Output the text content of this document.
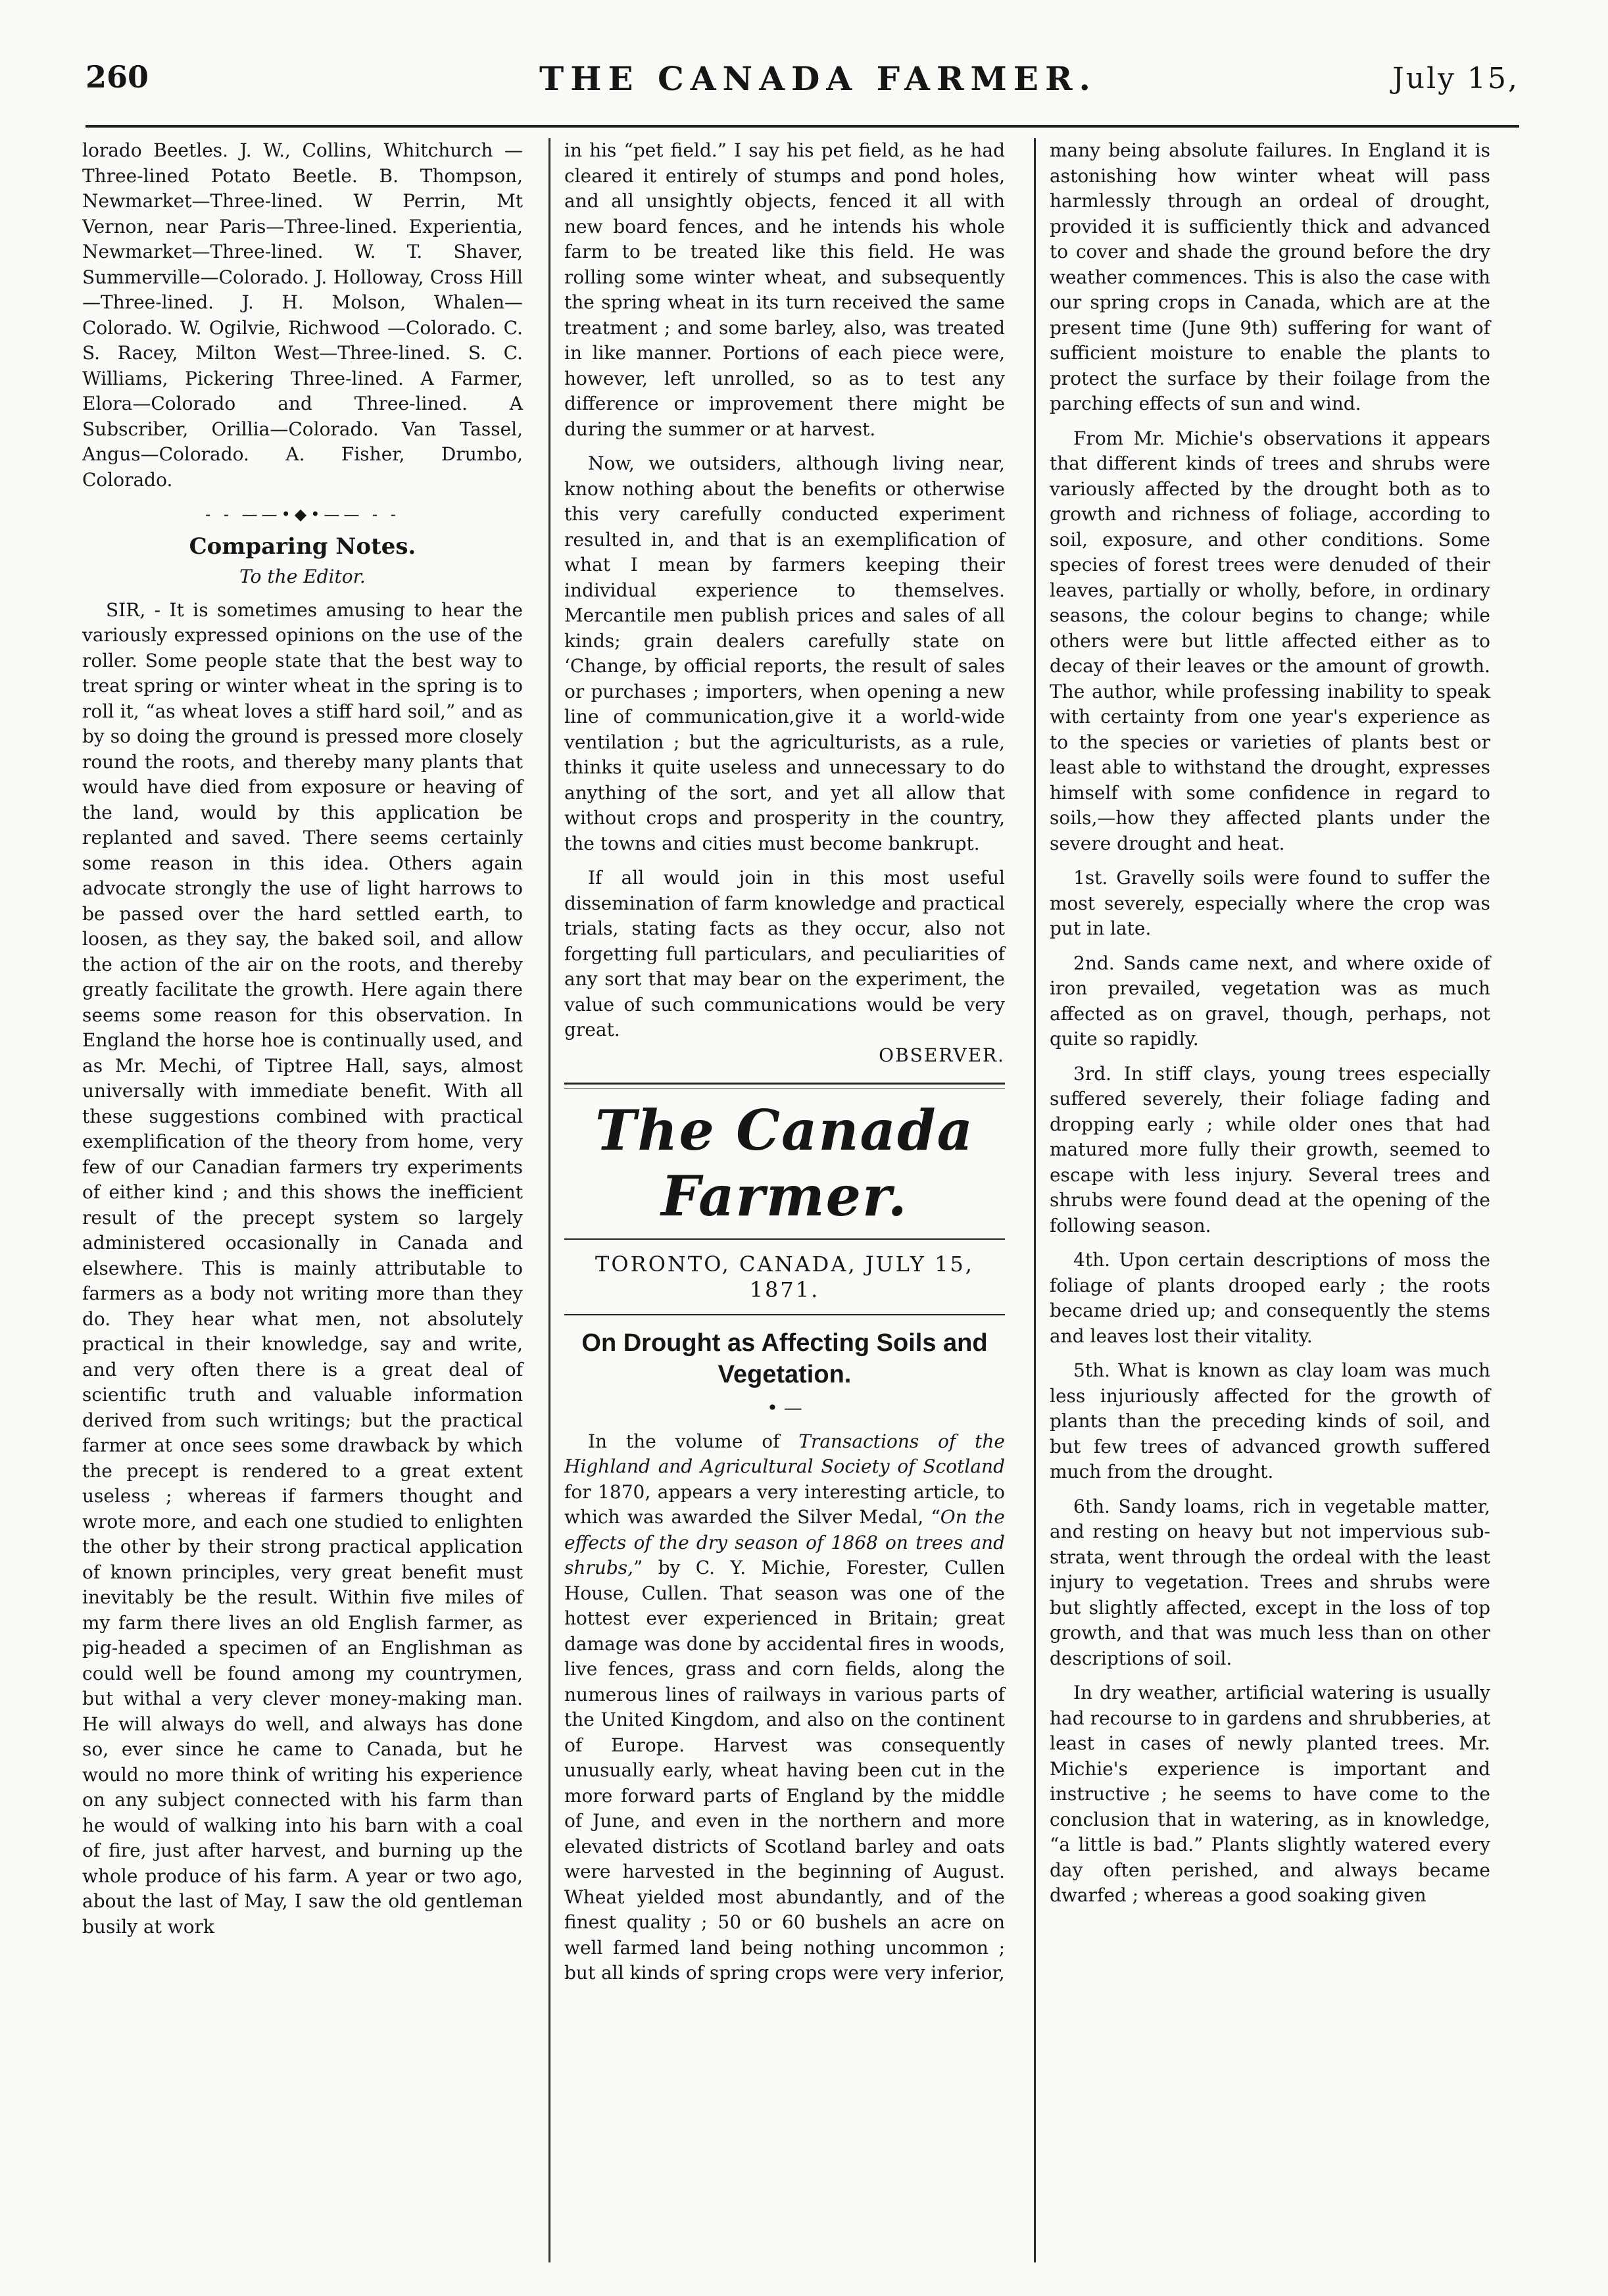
260	THE CANADA FARMER.	July 15,

lorado Beetles. J. W., Collins, Whitchurch —Three-lined Potato Beetle. B. Thompson, Newmarket—Three-lined. W Perrin, Mt Vernon, near Paris—Three-lined. Experientia, Newmarket—Three-lined. W. T. Shaver, Summerville—Colorado. J. Holloway, Cross Hill—Three-lined. J. H. Molson, Whalen—Colorado. W. Ogilvie, Richwood —Colorado. C. S. Racey, Milton West—Three-lined. S. C. Williams, Pickering Three-lined. A Farmer, Elora—Colorado and Three-lined. A Subscriber, Orillia—Colorado. Van Tassel, Angus—Colorado. A. Fisher, Drumbo, Colorado.

- - ——•◆•—— - -
Comparing Notes.
To the Editor.

SIR, - It is sometimes amusing to hear the variously expressed opinions on the use of the roller. Some people state that the best way to treat spring or winter wheat in the spring is to roll it, “as wheat loves a stiff hard soil,” and as by so doing the ground is pressed more closely round the roots, and thereby many plants that would have died from exposure or heaving of the land, would by this application be replanted and saved. There seems certainly some reason in this idea. Others again advocate strongly the use of light harrows to be passed over the hard settled earth, to loosen, as they say, the baked soil, and allow the action of the air on the roots, and thereby greatly facilitate the growth. Here again there seems some reason for this observation. In England the horse hoe is continually used, and as Mr. Mechi, of Tiptree Hall, says, almost universally with immediate benefit. With all these suggestions combined with practical exemplification of the theory from home, very few of our Canadian farmers try experiments of either kind ; and this shows the inefficient result of the precept system so largely administered occasionally in Canada and elsewhere. This is mainly attributable to farmers as a body not writing more than they do. They hear what men, not absolutely practical in their knowledge, say and write, and very often there is a great deal of scientific truth and valuable information derived from such writings; but the practical farmer at once sees some drawback by which the precept is rendered to a great extent useless ; whereas if farmers thought and wrote more, and each one studied to enlighten the other by their strong practical application of known principles, very great benefit must inevitably be the result. Within five miles of my farm there lives an old English farmer, as pig-headed a specimen of an Englishman as could well be found among my countrymen, but withal a very clever money-making man. He will always do well, and always has done so, ever since he came to Canada, but he would no more think of writing his experience on any subject connected with his farm than he would of walking into his barn with a coal of fire, just after harvest, and burning up the whole produce of his farm. A year or two ago, about the last of May, I saw the old gentleman busily at work

in his “pet field.” I say his pet field, as he had cleared it entirely of stumps and pond holes, and all unsightly objects, fenced it all with new board fences, and he intends his whole farm to be treated like this field. He was rolling some winter wheat, and subsequently the spring wheat in its turn received the same treatment ; and some barley, also, was treated in like manner. Portions of each piece were, however, left unrolled, so as to test any difference or improvement there might be during the summer or at harvest.

Now, we outsiders, although living near, know nothing about the benefits or otherwise this very carefully conducted experiment resulted in, and that is an exemplification of what I mean by farmers keeping their individual experience to themselves. Mercantile men publish prices and sales of all kinds; grain dealers carefully state on ‘Change, by official reports, the result of sales or purchases ; importers, when opening a new line of communication,give it a world-wide ventilation ; but the agriculturists, as a rule, thinks it quite useless and unnecessary to do anything of the sort, and yet all allow that without crops and prosperity in the country, the towns and cities must become bankrupt.

If all would join in this most useful dissemination of farm knowledge and practical trials, stating facts as they occur, also not forgetting full particulars, and peculiarities of any sort that may bear on the experiment, the value of such communications would be very great.

OBSERVER.
The Canada Farmer.
TORONTO, CANADA, JULY 15, 1871.
On Drought as Affecting Soils and Vegetation.
• —

In the volume of Transactions of the Highland and Agricultural Society of Scotland for 1870, appears a very interesting article, to which was awarded the Silver Medal, “On the effects of the dry season of 1868 on trees and shrubs,” by C. Y. Michie, Forester, Cullen House, Cullen. That season was one of the hottest ever experienced in Britain; great damage was done by accidental fires in woods, live fences, grass and corn fields, along the numerous lines of railways in various parts of the United Kingdom, and also on the continent of Europe. Harvest was consequently unusually early, wheat having been cut in the more forward parts of England by the middle of June, and even in the northern and more elevated districts of Scotland barley and oats were harvested in the beginning of August. Wheat yielded most abundantly, and of the finest quality ; 50 or 60 bushels an acre on well farmed land being nothing uncommon ; but all kinds of spring crops were very inferior,

many being absolute failures. In England it is astonishing how winter wheat will pass harmlessly through an ordeal of drought, provided it is sufficiently thick and advanced to cover and shade the ground before the dry weather commences. This is also the case with our spring crops in Canada, which are at the present time (June 9th) suffering for want of sufficient moisture to enable the plants to protect the surface by their foilage from the parching effects of sun and wind.

From Mr. Michie's observations it appears that different kinds of trees and shrubs were variously affected by the drought both as to growth and richness of foliage, according to soil, exposure, and other conditions. Some species of forest trees were denuded of their leaves, partially or wholly, before, in ordinary seasons, the colour begins to change; while others were but little affected either as to decay of their leaves or the amount of growth. The author, while professing inability to speak with certainty from one year's experience as to the species or varieties of plants best or least able to withstand the drought, expresses himself with some confidence in regard to soils,—how they affected plants under the severe drought and heat.

1st. Gravelly soils were found to suffer the most severely, especially where the crop was put in late.

2nd. Sands came next, and where oxide of iron prevailed, vegetation was as much affected as on gravel, though, perhaps, not quite so rapidly.

3rd. In stiff clays, young trees especially suffered severely, their foliage fading and dropping early ; while older ones that had matured more fully their growth, seemed to escape with less injury. Several trees and shrubs were found dead at the opening of the following season.

4th. Upon certain descriptions of moss the foliage of plants drooped early ; the roots became dried up; and consequently the stems and leaves lost their vitality.

5th. What is known as clay loam was much less injuriously affected for the growth of plants than the preceding kinds of soil, and but few trees of advanced growth suffered much from the drought.

6th. Sandy loams, rich in vegetable matter, and resting on heavy but not impervious sub-strata, went through the ordeal with the least injury to vegetation. Trees and shrubs were but slightly affected, except in the loss of top growth, and that was much less than on other descriptions of soil.

In dry weather, artificial watering is usually had recourse to in gardens and shrubberies, at least in cases of newly planted trees. Mr. Michie's experience is important and instructive ; he seems to have come to the conclusion that in watering, as in knowledge, “a little is bad.” Plants slightly watered every day often perished, and always became dwarfed ; whereas a good soaking given
